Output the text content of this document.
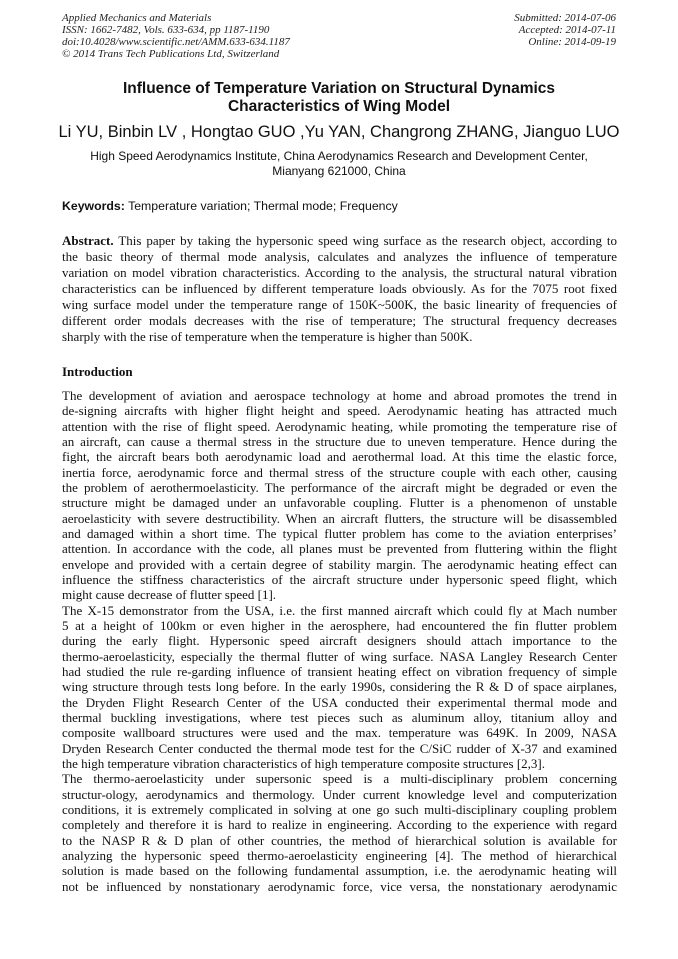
Applied Mechanics and Materials
ISSN: 1662-7482, Vols. 633-634, pp 1187-1190
doi:10.4028/www.scientific.net/AMM.633-634.1187
© 2014 Trans Tech Publications Ltd, Switzerland
Submitted: 2014-07-06
Accepted: 2014-07-11
Online: 2014-09-19
Influence of Temperature Variation on Structural Dynamics
Characteristics of Wing Model
Li YU, Binbin LV , Hongtao GUO ,Yu YAN, Changrong ZHANG, Jianguo LUO
High Speed Aerodynamics Institute, China Aerodynamics Research and Development Center,
Mianyang 621000, China
Keywords: Temperature variation; Thermal mode; Frequency
Abstract. This paper by taking the hypersonic speed wing surface as the research object, according to
the basic theory of thermal mode analysis, calculates and analyzes the influence of temperature
variation on model vibration characteristics. According to the analysis, the structural natural vibration
characteristics can be influenced by different temperature loads obviously. As for the 7075 root fixed
wing surface model under the temperature range of 150K~500K, the basic linearity of frequencies of
different order modals decreases with the rise of temperature; The structural frequency decreases
sharply with the rise of temperature when the temperature is higher than 500K.
Introduction
The development of aviation and aerospace technology at home and abroad promotes the trend in
de-signing aircrafts with higher flight height and speed. Aerodynamic heating has attracted much
attention with the rise of flight speed. Aerodynamic heating, while promoting the temperature rise of
an aircraft, can cause a thermal stress in the structure due to uneven temperature. Hence during the
fight, the aircraft bears both aerodynamic load and aerothermal load. At this time the elastic force,
inertia force, aerodynamic force and thermal stress of the structure couple with each other, causing
the problem of aerothermoelasticity. The performance of the aircraft might be degraded or even the
structure might be damaged under an unfavorable coupling. Flutter is a phenomenon of unstable
aeroelasticity with severe destructibility. When an aircraft flutters, the structure will be disassembled
and damaged within a short time. The typical flutter problem has come to the aviation enterprises’
attention. In accordance with the code, all planes must be prevented from fluttering within the flight
envelope and provided with a certain degree of stability margin. The aerodynamic heating effect can
influence the stiffness characteristics of the aircraft structure under hypersonic speed flight, which
might cause decrease of flutter speed [1].
The X-15 demonstrator from the USA, i.e. the first manned aircraft which could fly at Mach number
5 at a height of 100km or even higher in the aerosphere, had encountered the fin flutter problem
during the early flight. Hypersonic speed aircraft designers should attach importance to the
thermo-aeroelasticity, especially the thermal flutter of wing surface. NASA Langley Research Center
had studied the rule re-garding influence of transient heating effect on vibration frequency of simple
wing structure through tests long before. In the early 1990s, considering the R & D of space airplanes,
the Dryden Flight Research Center of the USA conducted their experimental thermal mode and
thermal buckling investigations, where test pieces such as aluminum alloy, titanium alloy and
composite wallboard structures were used and the max. temperature was 649K. In 2009, NASA
Dryden Research Center conducted the thermal mode test for the C/SiC rudder of X-37 and examined
the high temperature vibration characteristics of high temperature composite structures [2,3].
The thermo-aeroelasticity under supersonic speed is a multi-disciplinary problem concerning
structur-ology, aerodynamics and thermology. Under current knowledge level and computerization
conditions, it is extremely complicated in solving at one go such multi-disciplinary coupling problem
completely and therefore it is hard to realize in engineering. According to the experience with regard
to the NASP R & D plan of other countries, the method of hierarchical solution is available for
analyzing the hypersonic speed thermo-aeroelasticity engineering [4]. The method of hierarchical
solution is made based on the following fundamental assumption, i.e. the aerodynamic heating will
not be influenced by nonstationary aerodynamic force, vice versa, the nonstationary aerodynamic
